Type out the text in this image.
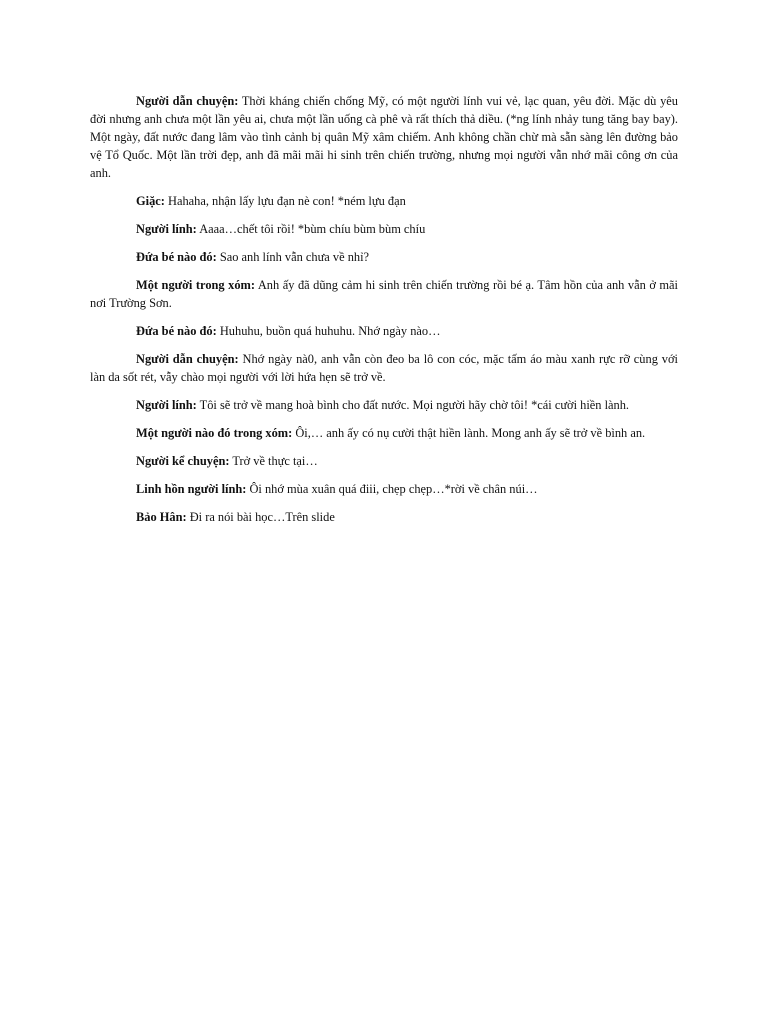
Người dẫn chuyện: Thời kháng chiến chống Mỹ, có một người lính vui vẻ, lạc quan, yêu đời. Mặc dù yêu đời nhưng anh chưa một lần yêu ai, chưa một lần uống cà phê và rất thích thả diều. (*ng lính nhảy tung tăng bay bay). Một ngày, đất nước đang lâm vào tình cảnh bị quân Mỹ xâm chiếm. Anh không chần chừ mà sẵn sàng lên đường bảo vệ Tổ Quốc. Một lần trời đẹp, anh đã mãi mãi hi sinh trên chiến trường, nhưng mọi người vẫn nhớ mãi công ơn của anh.

Giặc: Hahaha, nhận lấy lựu đạn nè con! *ném lựu đạn

Người lính: Aaaa…chết tôi rồi! *bùm chíu bùm bùm chíu

Đứa bé nào đó: Sao anh lính vẫn chưa về nhỉ?

Một người trong xóm: Anh ấy đã dũng cảm hi sinh trên chiến trường rồi bé ạ. Tâm hồn của anh vẫn ở mãi nơi Trường Sơn.

Đứa bé nào đó: Huhuhu, buồn quá huhuhu. Nhớ ngày nào…

Người dẫn chuyện: Nhớ ngày nà0, anh vẫn còn đeo ba lô con cóc, mặc tấm áo màu xanh rực rỡ cùng với làn da sốt rét, vẫy chào mọi người với lời hứa hẹn sẽ trở về.

Người lính: Tôi sẽ trở về mang hoà bình cho đất nước. Mọi người hãy chờ tôi! *cái cười hiền lành.

Một người nào đó trong xóm: Ôi,… anh ấy có nụ cười thật hiền lành. Mong anh ấy sẽ trở về bình an.

Người kể chuyện: Trở về thực tại…

Linh hồn người lính: Ôi nhớ mùa xuân quá điii, chẹp chẹp…*rời về chân núi…

Bảo Hân: Đi ra nói bài học…Trên slide
